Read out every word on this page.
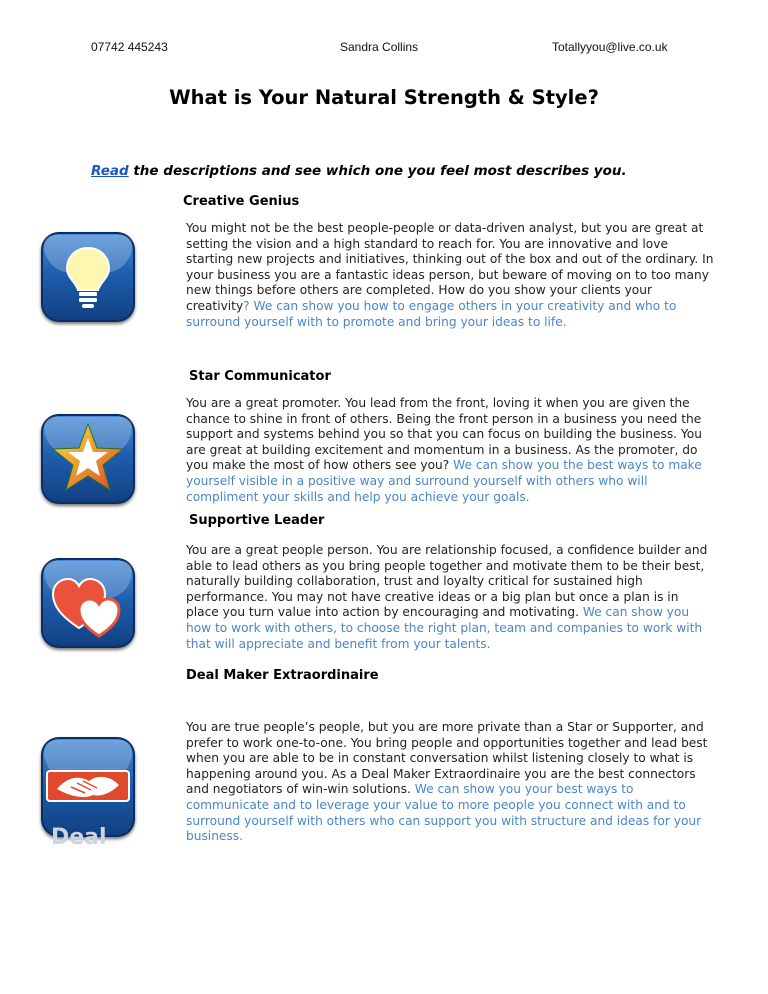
07742 445243	Sandra Collins	Totallyyou@live.co.uk
What is Your Natural Strength & Style?
Read the descriptions and see which one you feel most describes you.
Creative Genius
You might not be the best people-people or data-driven analyst, but you are great at setting the vision and a high standard to reach for. You are innovative and love starting new projects and initiatives, thinking out of the box and out of the ordinary. In your business you are a fantastic ideas person, but beware of moving on to too many new things before others are completed. How do you show your clients your creativity? We can show you how to engage others in your creativity and who to surround yourself with to promote and bring your ideas to life.
Star Communicator
You are a great promoter. You lead from the front, loving it when you are given the chance to shine in front of others. Being the front person in a business you need the support and systems behind you so that you can focus on building the business. You are great at building excitement and momentum in a business. As the promoter, do you make the most of how others see you? We can show you the best ways to make yourself visible in a positive way and surround yourself with others who will compliment your skills and help you achieve your goals.
Supportive Leader
You are a great people person. You are relationship focused, a confidence builder and able to lead others as you bring people together and motivate them to be their best, naturally building collaboration, trust and loyalty critical for sustained high performance. You may not have creative ideas or a big plan but once a plan is in place you turn value into action by encouraging and motivating. We can show you how to work with others, to choose the right plan, team and companies to work with that will appreciate and benefit from your talents.
Deal Maker Extraordinaire
Deal
You are true people’s people, but you are more private than a Star or Supporter, and prefer to work one-to-one. You bring people and opportunities together and lead best when you are able to be in constant conversation whilst listening closely to what is happening around you. As a Deal Maker Extraordinaire you are the best connectors and negotiators of win-win solutions. We can show you your best ways to communicate and to leverage your value to more people you connect with and to surround yourself with others who can support you with structure and ideas for your business.
